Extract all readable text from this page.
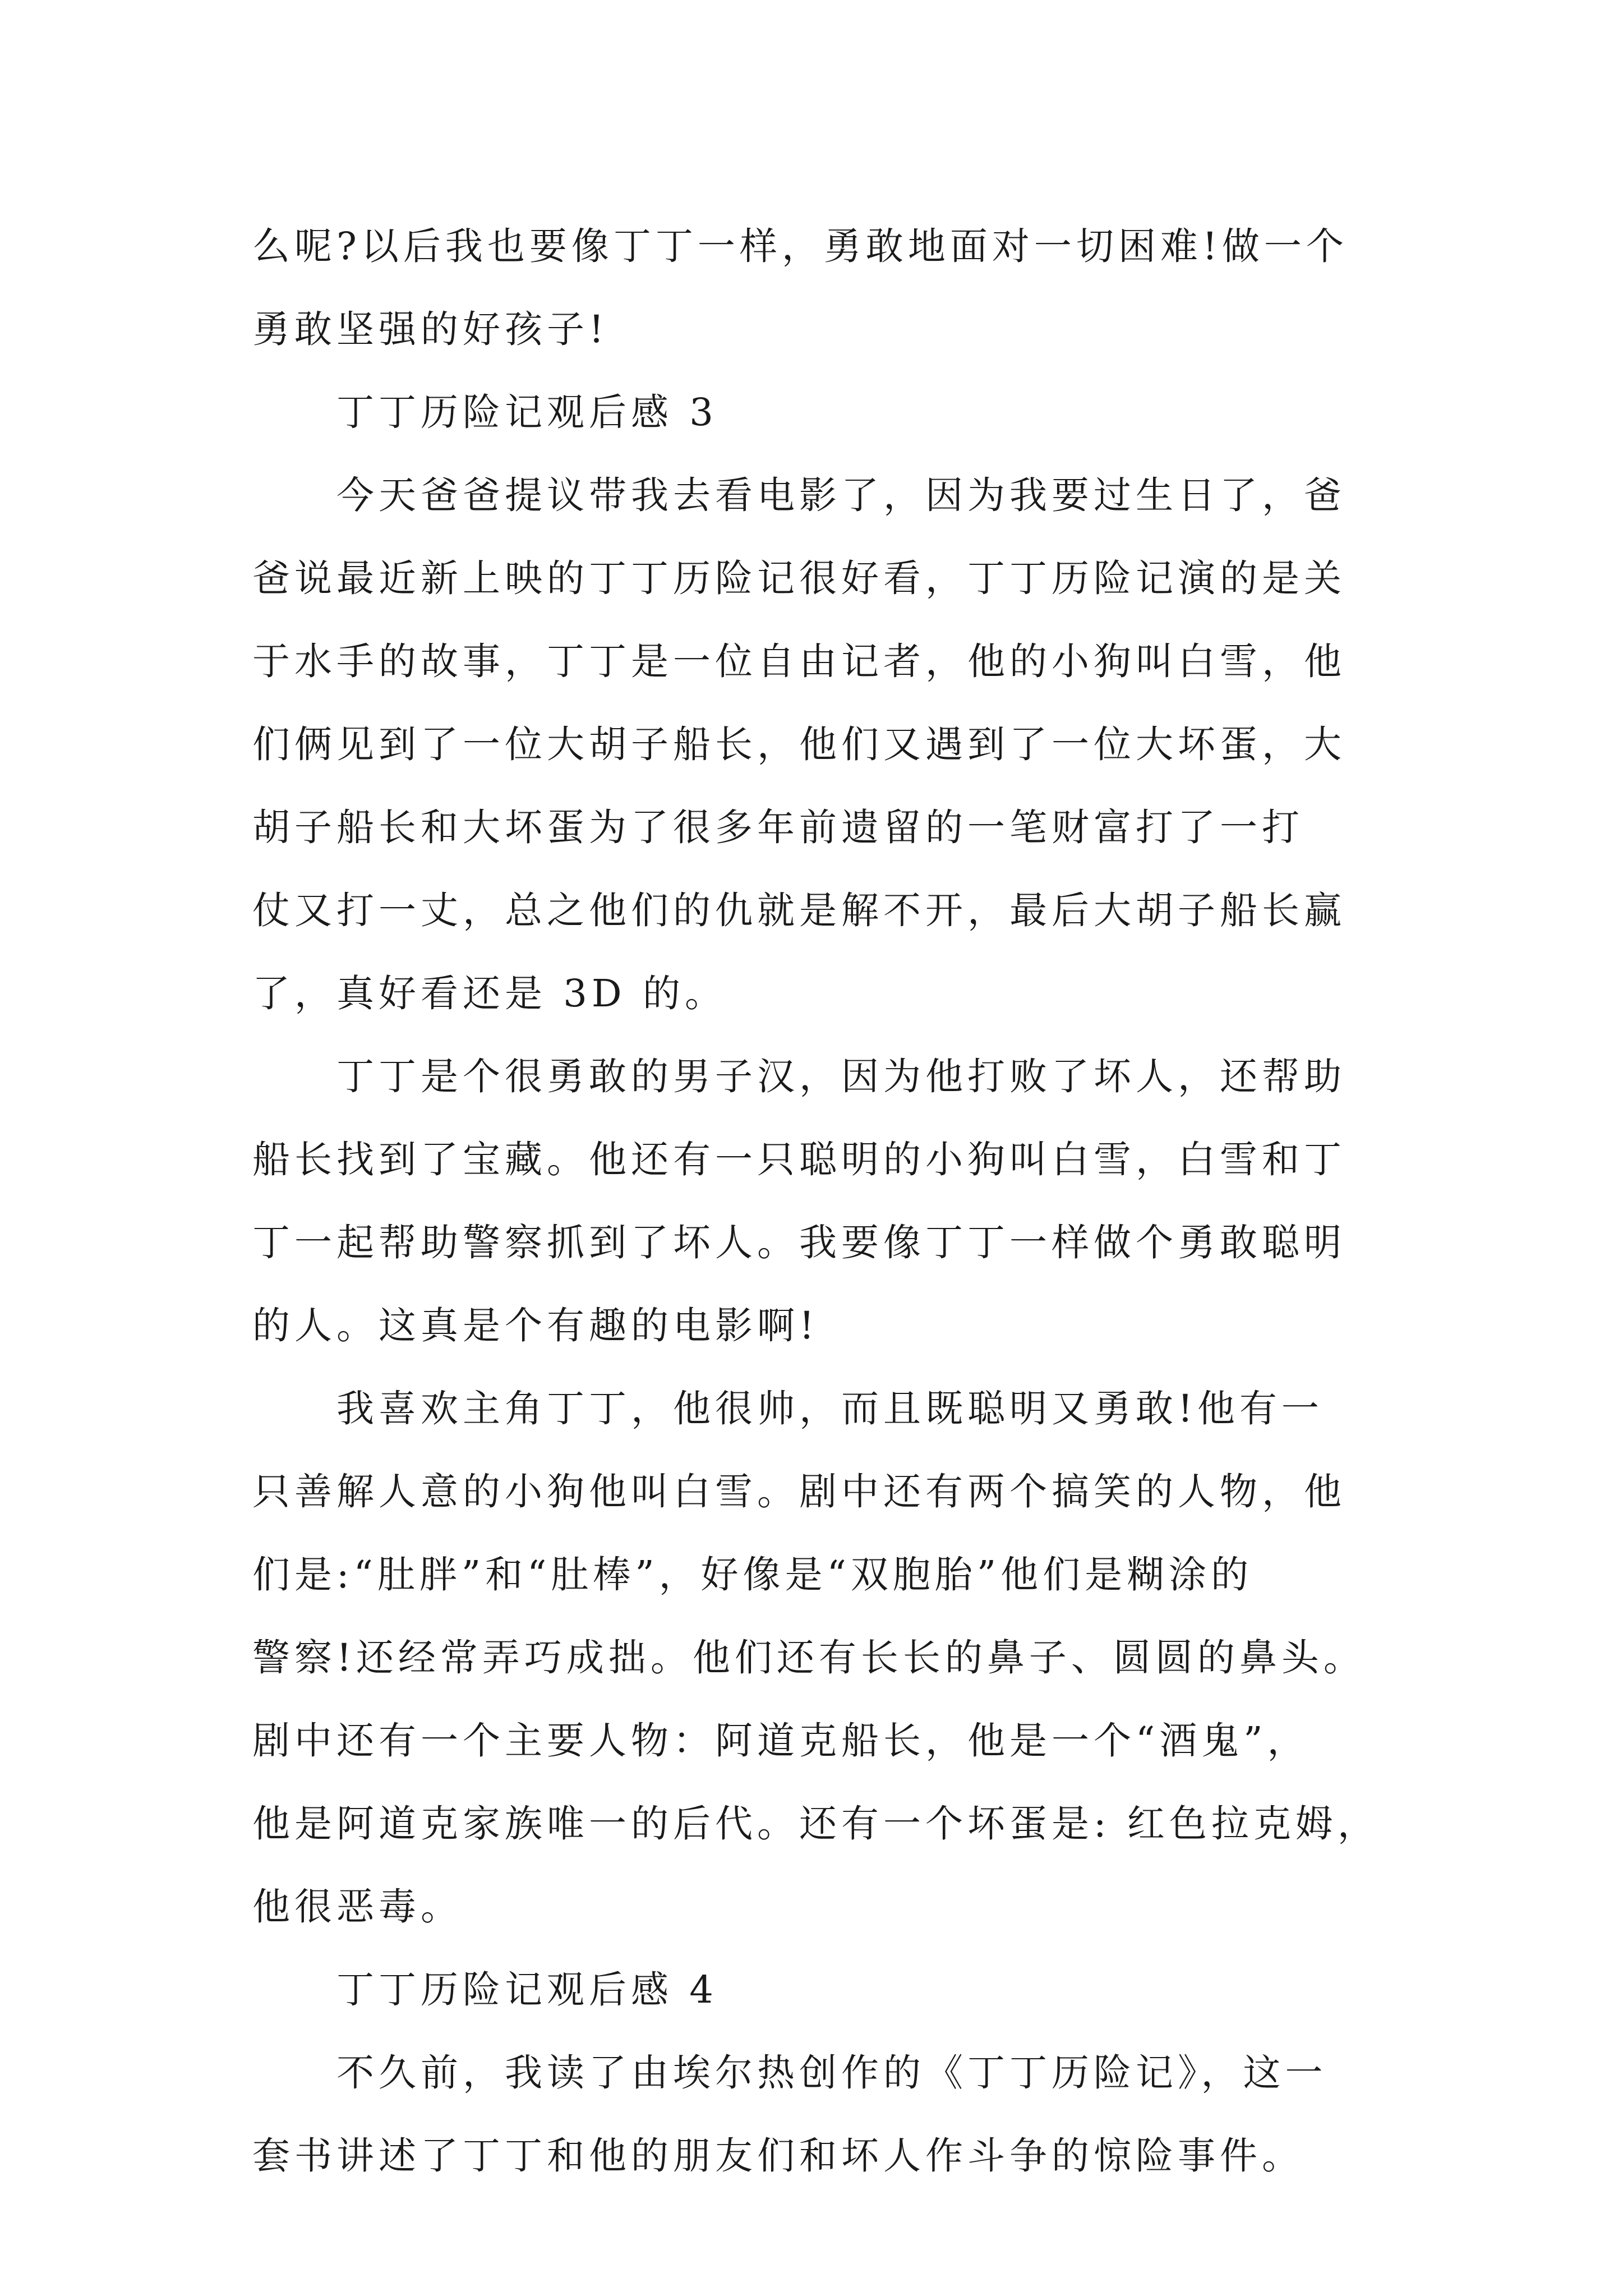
么呢?以后我也要像丁丁一样，勇敢地面对一切困难!做一个
勇敢坚强的好孩子!
丁丁历险记观后感 3
今天爸爸提议带我去看电影了，因为我要过生日了，爸
爸说最近新上映的丁丁历险记很好看，丁丁历险记演的是关
于水手的故事，丁丁是一位自由记者，他的小狗叫白雪，他
们俩见到了一位大胡子船长，他们又遇到了一位大坏蛋，大
胡子船长和大坏蛋为了很多年前遗留的一笔财富打了一打
仗又打一丈，总之他们的仇就是解不开，最后大胡子船长赢
了，真好看还是 3D 的。
丁丁是个很勇敢的男子汉，因为他打败了坏人，还帮助
船长找到了宝藏。他还有一只聪明的小狗叫白雪，白雪和丁
丁一起帮助警察抓到了坏人。我要像丁丁一样做个勇敢聪明
的人。这真是个有趣的电影啊!
我喜欢主角丁丁，他很帅，而且既聪明又勇敢!他有一
只善解人意的小狗他叫白雪。剧中还有两个搞笑的人物，他
们是:“肚胖”和“肚棒”，好像是“双胞胎”他们是糊涂的
警察!还经常弄巧成拙。他们还有长长的鼻子、圆圆的鼻头。
剧中还有一个主要人物：阿道克船长，他是一个“酒鬼”，
他是阿道克家族唯一的后代。还有一个坏蛋是: 红色拉克姆，
他很恶毒。
丁丁历险记观后感 4
不久前，我读了由埃尔热创作的《丁丁历险记》，这一
套书讲述了丁丁和他的朋友们和坏人作斗争的惊险事件。
